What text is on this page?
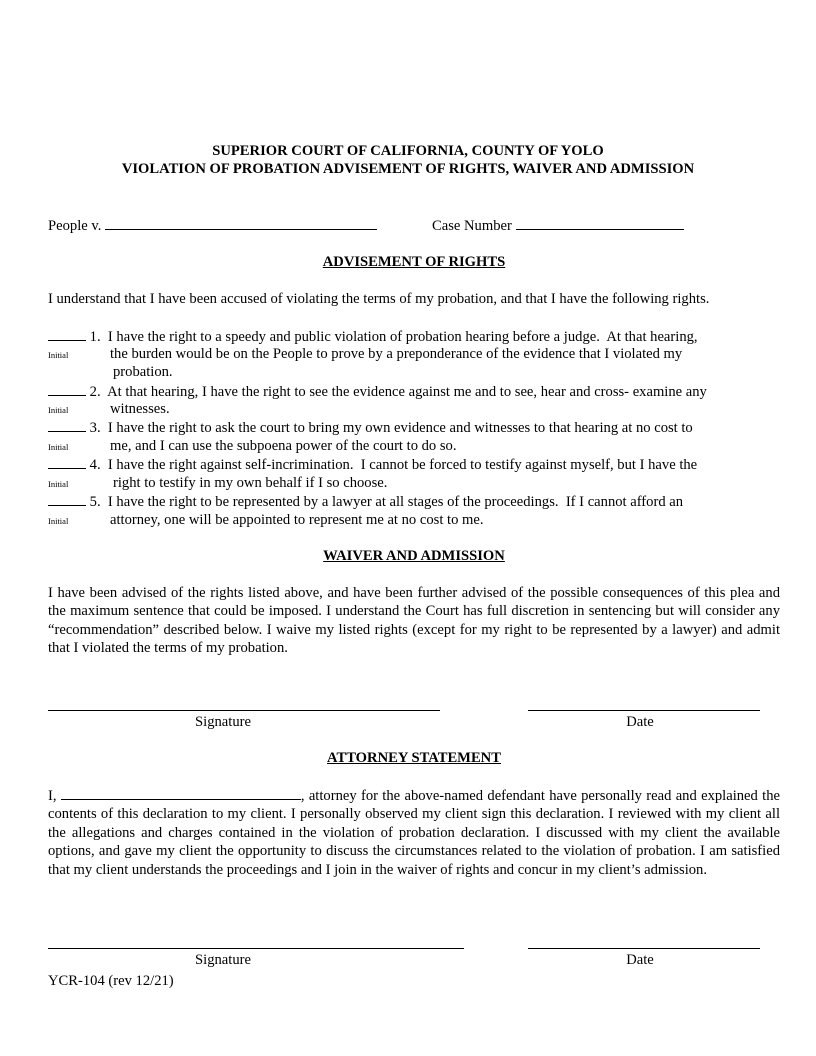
SUPERIOR COURT OF CALIFORNIA, COUNTY OF YOLO
VIOLATION OF PROBATION ADVISEMENT OF RIGHTS, WAIVER AND ADMISSION
People v.	Case Number
ADVISEMENT OF RIGHTS
I understand that I have been accused of violating the terms of my probation, and that I have the following rights.
1. I have the right to a speedy and public violation of probation hearing before a judge.  At that hearing,
Initial	the burden would be on the People to prove by a preponderance of the evidence that I violated my
probation.
2. At that hearing, I have the right to see the evidence against me and to see, hear and cross- examine any
Initial	witnesses.
3. I have the right to ask the court to bring my own evidence and witnesses to that hearing at no cost to
Initial	me, and I can use the subpoena power of the court to do so.
4. I have the right against self-incrimination.  I cannot be forced to testify against myself, but I have the
Initial	right to testify in my own behalf if I so choose.
5. I have the right to be represented by a lawyer at all stages of the proceedings.  If I cannot afford an
Initial	attorney, one will be appointed to represent me at no cost to me.
WAIVER AND ADMISSION
I have been advised of the rights listed above, and have been further advised of the possible consequences of this plea and the maximum sentence that could be imposed. I understand the Court has full discretion in sentencing but will consider any “recommendation” described below. I waive my listed rights (except for my right to be represented by a lawyer) and admit that I violated the terms of my probation.
Signature	Date
ATTORNEY STATEMENT
I,	, attorney for the above-named defendant have personally read and explained the contents of this declaration to my client. I personally observed my client sign this declaration. I reviewed with my client all the allegations and charges contained in the violation of probation declaration. I discussed with my client the available options, and gave my client the opportunity to discuss the circumstances related to the violation of probation. I am satisfied that my client understands the proceedings and I join in the waiver of rights and concur in my client’s admission.
Signature	Date
YCR-104 (rev 12/21)
